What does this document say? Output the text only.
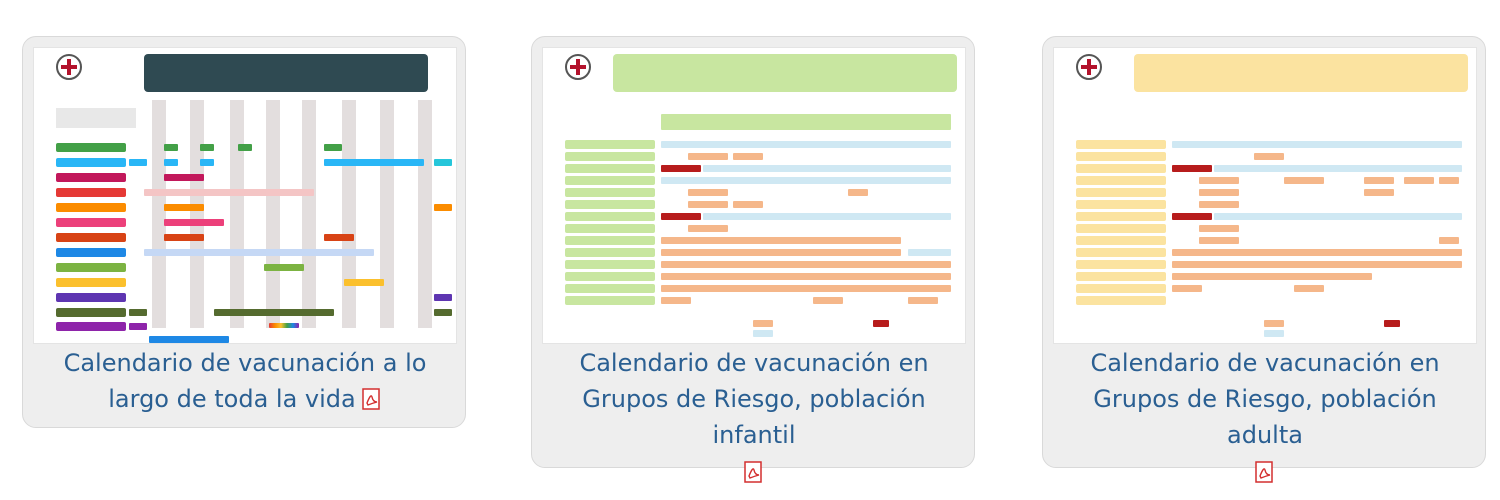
Calendario de vacunación a lo largo de toda la vida
Calendario de vacunación en Grupos de Riesgo, población infantil
Calendario de vacunación en Grupos de Riesgo, población adulta
